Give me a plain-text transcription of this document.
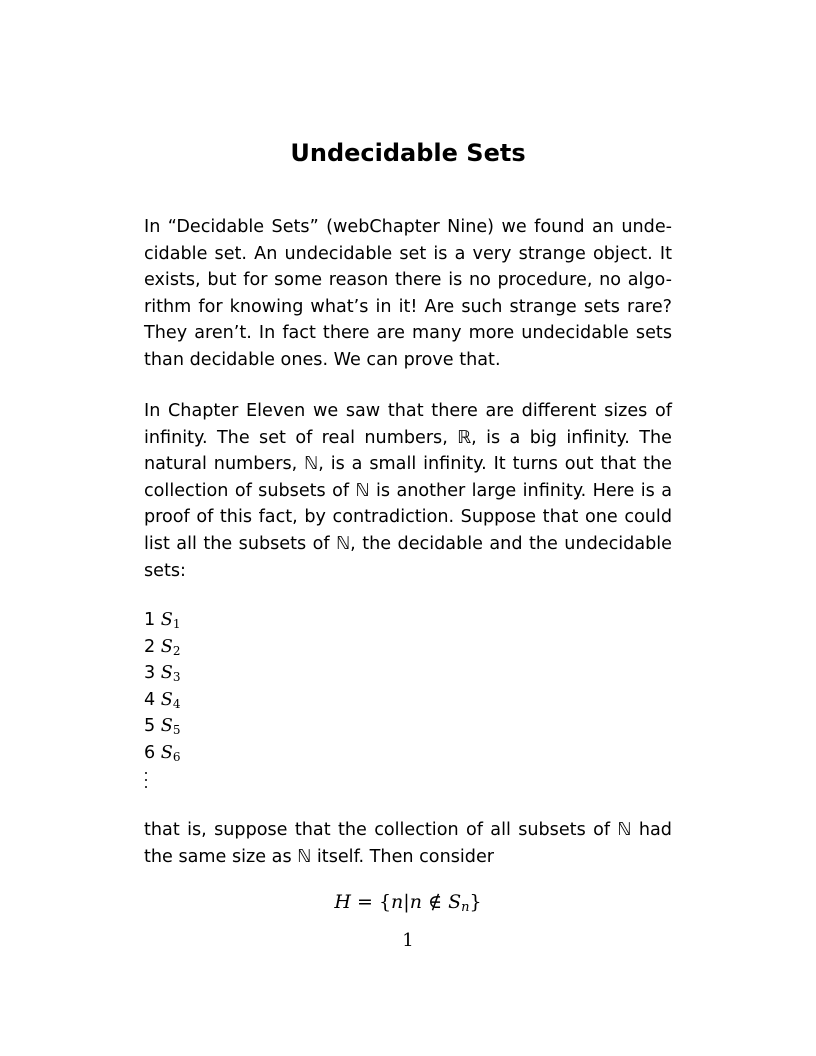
Undecidable Sets

In “Decidable Sets” (webChapter Nine) we found an unde- cidable set. An undecidable set is a very strange object. It exists, but for some reason there is no procedure, no algo- rithm for knowing what’s in it! Are such strange sets rare? They aren’t. In fact there are many more undecidable sets than decidable ones. We can prove that.

In Chapter Eleven we saw that there are different sizes of infinity. The set of real numbers, ℝ, is a big infinity. The natural numbers, ℕ, is a small infinity. It turns out that the collection of subsets of ℕ is another large infinity. Here is a proof of this fact, by contradiction. Suppose that one could list all the subsets of ℕ, the decidable and the undecidable sets:

1 $S_1$
2 $S_2$
3 $S_3$
4 $S_4$
5 $S_5$
6 $S_6$

that is, suppose that the collection of all subsets of ℕ had the same size as ℕ itself. Then consider

H = {n|n ∉ $S_n$}

1
